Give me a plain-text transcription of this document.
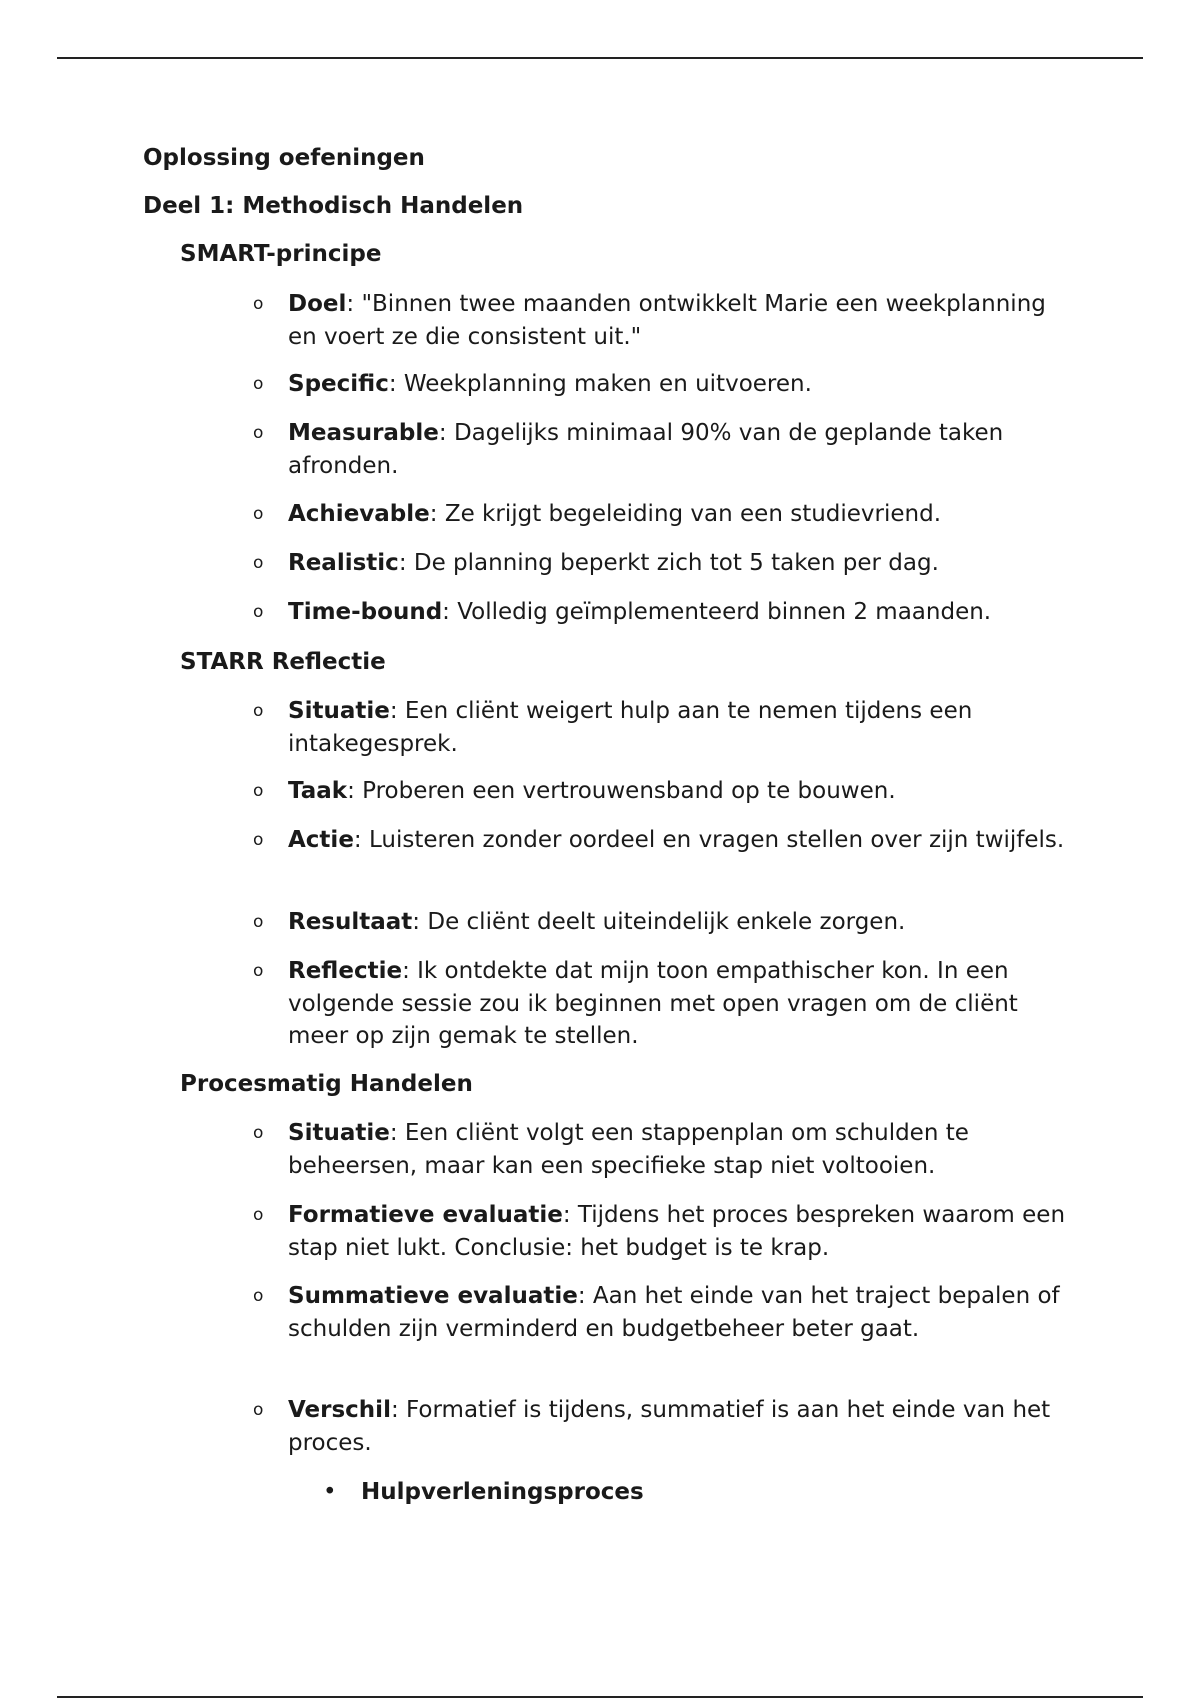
Oplossing oefeningen
Deel 1: Methodisch Handelen
SMART-principe
o Doel: "Binnen twee maanden ontwikkelt Marie een weekplanning en voert ze die consistent uit."
o Specific: Weekplanning maken en uitvoeren.
o Measurable: Dagelijks minimaal 90% van de geplande taken afronden.
o Achievable: Ze krijgt begeleiding van een studievriend.
o Realistic: De planning beperkt zich tot 5 taken per dag.
o Time-bound: Volledig geïmplementeerd binnen 2 maanden.
STARR Reflectie
o Situatie: Een cliënt weigert hulp aan te nemen tijdens een intakegesprek.
o Taak: Proberen een vertrouwensband op te bouwen.
o Actie: Luisteren zonder oordeel en vragen stellen over zijn twijfels.
o Resultaat: De cliënt deelt uiteindelijk enkele zorgen.
o Reflectie: Ik ontdekte dat mijn toon empathischer kon. In een volgende sessie zou ik beginnen met open vragen om de cliënt meer op zijn gemak te stellen.
Procesmatig Handelen
o Situatie: Een cliënt volgt een stappenplan om schulden te beheersen, maar kan een specifieke stap niet voltooien.
o Formatieve evaluatie: Tijdens het proces bespreken waarom een stap niet lukt. Conclusie: het budget is te krap.
o Summatieve evaluatie: Aan het einde van het traject bepalen of schulden zijn verminderd en budgetbeheer beter gaat.
o Verschil: Formatief is tijdens, summatief is aan het einde van het proces.
• Hulpverleningsproces
